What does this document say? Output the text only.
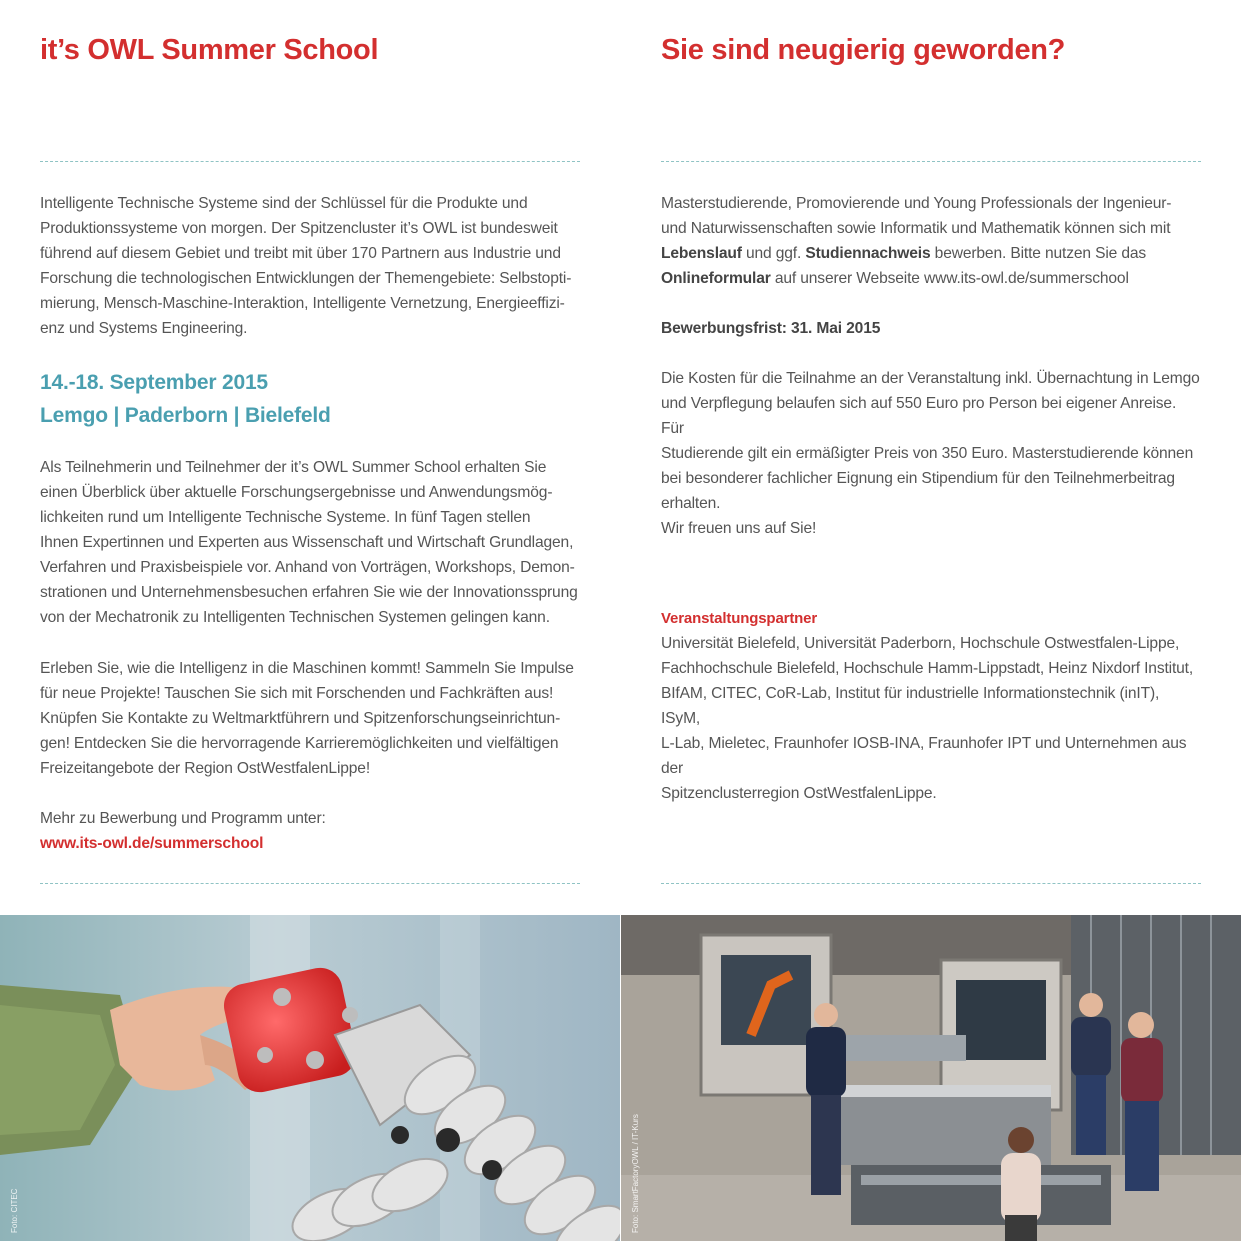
it’s OWL Summer School
Intelligente Technische Systeme sind der Schlüssel für die Produkte und
Produktionssysteme von morgen. Der Spitzencluster it’s OWL ist bundesweit
führend auf diesem Gebiet und treibt mit über 170 Partnern aus Industrie und
Forschung die technologischen Entwicklungen der Themengebiete: Selbstopti-
mierung, Mensch-Maschine-Interaktion, Intelligente Vernetzung, Energieeffizi-
enz und Systems Engineering.
14.-18. September 2015
Lemgo | Paderborn | Bielefeld
Als Teilnehmerin und Teilnehmer der it’s OWL Summer School erhalten Sie
einen Überblick über aktuelle Forschungsergebnisse und Anwendungsmög-
lichkeiten rund um Intelligente Technische Systeme. In fünf Tagen stellen
Ihnen Expertinnen und Experten aus Wissenschaft und Wirtschaft Grundlagen,
Verfahren und Praxisbeispiele vor. Anhand von Vorträgen, Workshops, Demon-
strationen und Unternehmensbesuchen erfahren Sie wie der Innovationssprung
von der Mechatronik zu Intelligenten Technischen Systemen gelingen kann.
Erleben Sie, wie die Intelligenz in die Maschinen kommt! Sammeln Sie Impulse
für neue Projekte! Tauschen Sie sich mit Forschenden und Fachkräften aus!
Knüpfen Sie Kontakte zu Weltmarktführern und Spitzenforschungseinrichtun-
gen! Entdecken Sie die hervorragende Karrieremöglichkeiten und vielfältigen
Freizeitangebote der Region OstWestfalenLippe!
Mehr zu Bewerbung und Programm unter:
www.its-owl.de/summerschool
Sie sind neugierig geworden?
Masterstudierende, Promovierende und Young Professionals der Ingenieur-
und Naturwissenschaften sowie Informatik und Mathematik können sich mit
Lebenslauf und ggf. Studiennachweis bewerben. Bitte nutzen Sie das
Onlineformular auf unserer Webseite www.its-owl.de/summerschool
Bewerbungsfrist: 31. Mai 2015
Die Kosten für die Teilnahme an der Veranstaltung inkl. Übernachtung in Lemgo
und Verpflegung belaufen sich auf 550 Euro pro Person bei eigener Anreise. Für
Studierende gilt ein ermäßigter Preis von 350 Euro. Masterstudierende können
bei besonderer fachlicher Eignung ein Stipendium für den Teilnehmerbeitrag
erhalten.
Wir freuen uns auf Sie!
Veranstaltungspartner
Universität Bielefeld, Universität Paderborn, Hochschule Ostwestfalen-Lippe,
Fachhochschule Bielefeld, Hochschule Hamm-Lippstadt, Heinz Nixdorf Institut,
BIfAM, CITEC, CoR-Lab, Institut für industrielle Informationstechnik (inIT), ISyM,
L-Lab, Mieletec, Fraunhofer IOSB-INA, Fraunhofer IPT und Unternehmen aus der
Spitzenclusterregion OstWestfalenLippe.
Foto: CITEC	Foto: SmartFactoryOWL / IT-Kurs
